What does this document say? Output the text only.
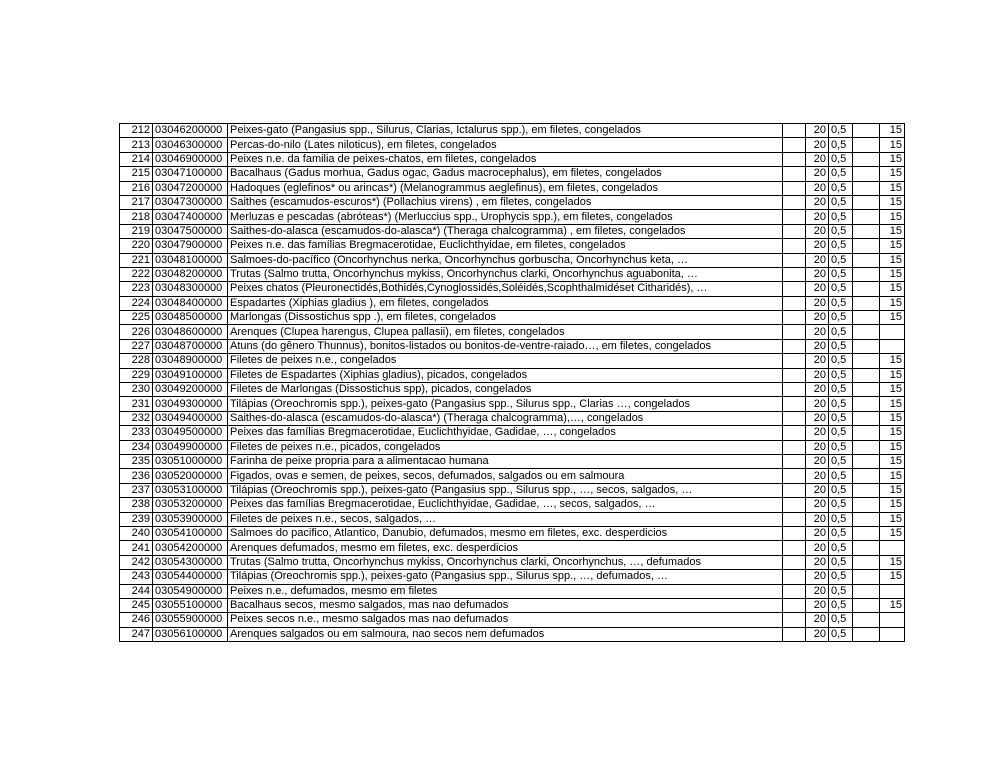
212	03046200000	Peixes-gato (Pangasius spp., Silurus, Clarias, Ictalurus spp.), em filetes, congelados		20	0,5		15
213	03046300000	Percas-do-nilo (Lates niloticus), em filetes, congelados		20	0,5		15
214	03046900000	Peixes n.e. da familia de peixes-chatos, em filetes, congelados		20	0,5		15
215	03047100000	Bacalhaus (Gadus morhua, Gadus ogac, Gadus macrocephalus), em filetes, congelados		20	0,5		15
216	03047200000	Hadoques (eglefinos* ou arincas*) (Melanogrammus aeglefinus), em filetes, congelados		20	0,5		15
217	03047300000	Saithes (escamudos-escuros*) (Pollachius virens) , em filetes, congelados		20	0,5		15
218	03047400000	Merluzas e pescadas (abróteas*) (Merluccius spp., Urophycis spp.), em filetes, congelados		20	0,5		15
219	03047500000	Saithes-do-alasca (escamudos-do-alasca*) (Theraga chalcogramma) , em filetes, congelados		20	0,5		15
220	03047900000	Peixes n.e. das famílias Bregmacerotidae, Euclichthyidae, em filetes, congelados		20	0,5		15
221	03048100000	Salmoes-do-pacífico (Oncorhynchus nerka, Oncorhynchus gorbuscha, Oncorhynchus keta, …		20	0,5		15
222	03048200000	Trutas (Salmo trutta, Oncorhynchus mykiss, Oncorhynchus clarki, Oncorhynchus aguabonita, …		20	0,5		15
223	03048300000	Peixes chatos (Pleuronectidés,Bothidés,Cynoglossidés,Soléidés,Scophthalmidéset Citharidés), …		20	0,5		15
224	03048400000	Espadartes (Xiphias gladius ), em filetes, congelados		20	0,5		15
225	03048500000	Marlongas (Dissostichus spp .), em filetes, congelados		20	0,5		15
226	03048600000	Arenques (Clupea harengus, Clupea pallasii), em filetes, congelados		20	0,5		
227	03048700000	Atuns (do gênero Thunnus), bonitos-listados ou bonitos-de-ventre-raiado…, em filetes, congelados		20	0,5		
228	03048900000	Filetes de peixes n.e., congelados		20	0,5		15
229	03049100000	Filetes de Espadartes (Xiphias gladius), picados, congelados		20	0,5		15
230	03049200000	Filetes de Marlongas (Dissostichus spp), picados, congelados		20	0,5		15
231	03049300000	Tilápias (Oreochromis spp.), peixes-gato (Pangasius spp., Silurus spp., Clarias …, congelados		20	0,5		15
232	03049400000	Saithes-do-alasca (escamudos-do-alasca*) (Theraga chalcogramma),…, congelados		20	0,5		15
233	03049500000	Peixes das famílias Bregmacerotidae, Euclichthyidae, Gadidae, …, congelados		20	0,5		15
234	03049900000	Filetes de peixes n.e., picados, congelados		20	0,5		15
235	03051000000	Farinha de peixe propria para a alimentacao humana		20	0,5		15
236	03052000000	Figados, ovas e semen, de peixes, secos, defumados, salgados ou em salmoura		20	0,5		15
237	03053100000	Tilápias (Oreochromis spp.), peixes-gato (Pangasius spp., Silurus spp., …, secos, salgados, …		20	0,5		15
238	03053200000	Peixes das famílias Bregmacerotidae, Euclichthyidae, Gadidae, …, secos, salgados, …		20	0,5		15
239	03053900000	Filetes de peixes n.e., secos, salgados, …		20	0,5		15
240	03054100000	Salmoes do pacifico, Atlantico, Danubio, defumados, mesmo em filetes, exc. desperdicios		20	0,5		15
241	03054200000	Arenques defumados, mesmo em filetes, exc. desperdicios		20	0,5		
242	03054300000	Trutas (Salmo trutta, Oncorhynchus mykiss, Oncorhynchus clarki, Oncorhynchus, …, defumados		20	0,5		15
243	03054400000	Tilápias (Oreochromis spp.), peixes-gato (Pangasius spp., Silurus spp., …, defumados, …		20	0,5		15
244	03054900000	Peixes n.e., defumados, mesmo em filetes		20	0,5		
245	03055100000	Bacalhaus secos, mesmo salgados, mas nao defumados		20	0,5		15
246	03055900000	Peixes secos n.e., mesmo salgados mas nao defumados		20	0,5		
247	03056100000	Arenques salgados ou em salmoura, nao secos nem defumados		20	0,5		
